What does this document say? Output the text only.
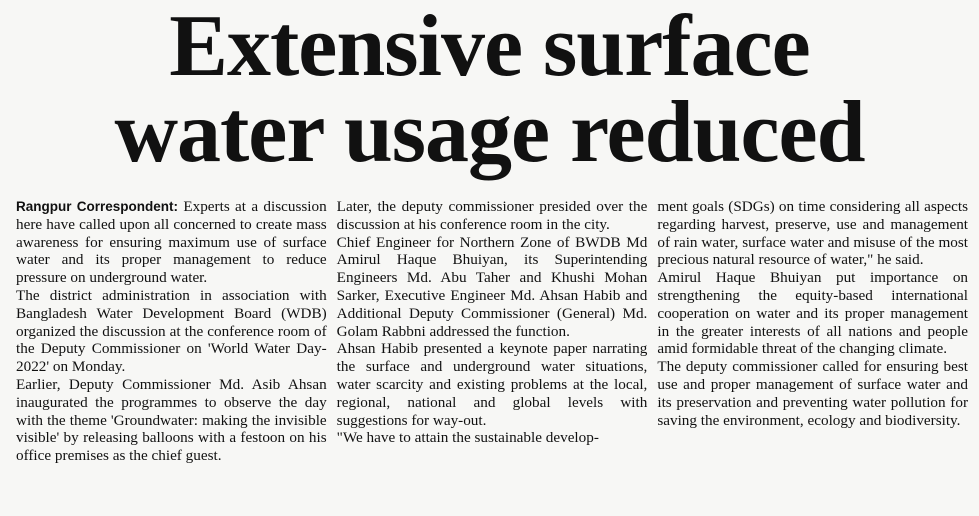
Extensive surface
water usage reduced

Rangpur Correspondent: Experts at a discussion here have called upon all concerned to create mass awareness for ensuring maximum use of surface water and its proper management to reduce pressure on underground water.

The district administration in association with Bangladesh Water Development Board (WDB) organized the discussion at the conference room of the Deputy Commissioner on 'World Water Day- 2022' on Monday.

Earlier, Deputy Commissioner Md. Asib Ahsan inaugurated the programmes to observe the day with the theme 'Groundwater: making the invisible visible' by releasing balloons with a festoon on his office premises as the chief guest.

Later, the deputy commissioner presided over the discussion at his conference room in the city.

Chief Engineer for Northern Zone of BWDB Md Amirul Haque Bhuiyan, its Superintending Engineers Md. Abu Taher and Khushi Mohan Sarker, Executive Engineer Md. Ahsan Habib and Additional Deputy Commissioner (General) Md. Golam Rabbni addressed the function.

Ahsan Habib presented a keynote paper narrating the surface and underground water situations, water scarcity and existing problems at the local, regional, national and global levels with suggestions for way-out.

"We have to attain the sustainable develop-

ment goals (SDGs) on time considering all aspects regarding harvest, preserve, use and management of rain water, surface water and misuse of the most precious natural resource of water," he said.

Amirul Haque Bhuiyan put importance on strengthening the equity-based international cooperation on water and its proper management in the greater interests of all nations and people amid formidable threat of the changing climate.

The deputy commissioner called for ensuring best use and proper management of surface water and its preservation and preventing water pollution for saving the environment, ecology and biodiversity.
